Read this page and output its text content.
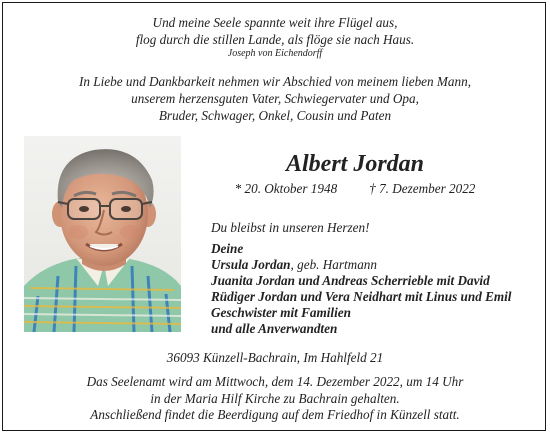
Und meine Seele spannte weit ihre Flügel aus,
flog durch die stillen Lande, als flöge sie nach Haus.
Joseph von Eichendorff
In Liebe und Dankbarkeit nehmen wir Abschied von meinem lieben Mann,
unserem herzensguten Vater, Schwiegervater und Opa,
Bruder, Schwager, Onkel, Cousin und Paten
Albert Jordan
* 20. Oktober 1948 † 7. Dezember 2022
Du bleibst in unseren Herzen!
Deine
Ursula Jordan, geb. Hartmann
Juanita Jordan und Andreas Scherrieble mit David
Rüdiger Jordan und Vera Neidhart mit Linus und Emil
Geschwister mit Familien
und alle Anverwandten
36093 Künzell-Bachrain, Im Hahlfeld 21
Das Seelenamt wird am Mittwoch, dem 14. Dezember 2022, um 14 Uhr
in der Maria Hilf Kirche zu Bachrain gehalten.
Anschließend findet die Beerdigung auf dem Friedhof in Künzell statt.
